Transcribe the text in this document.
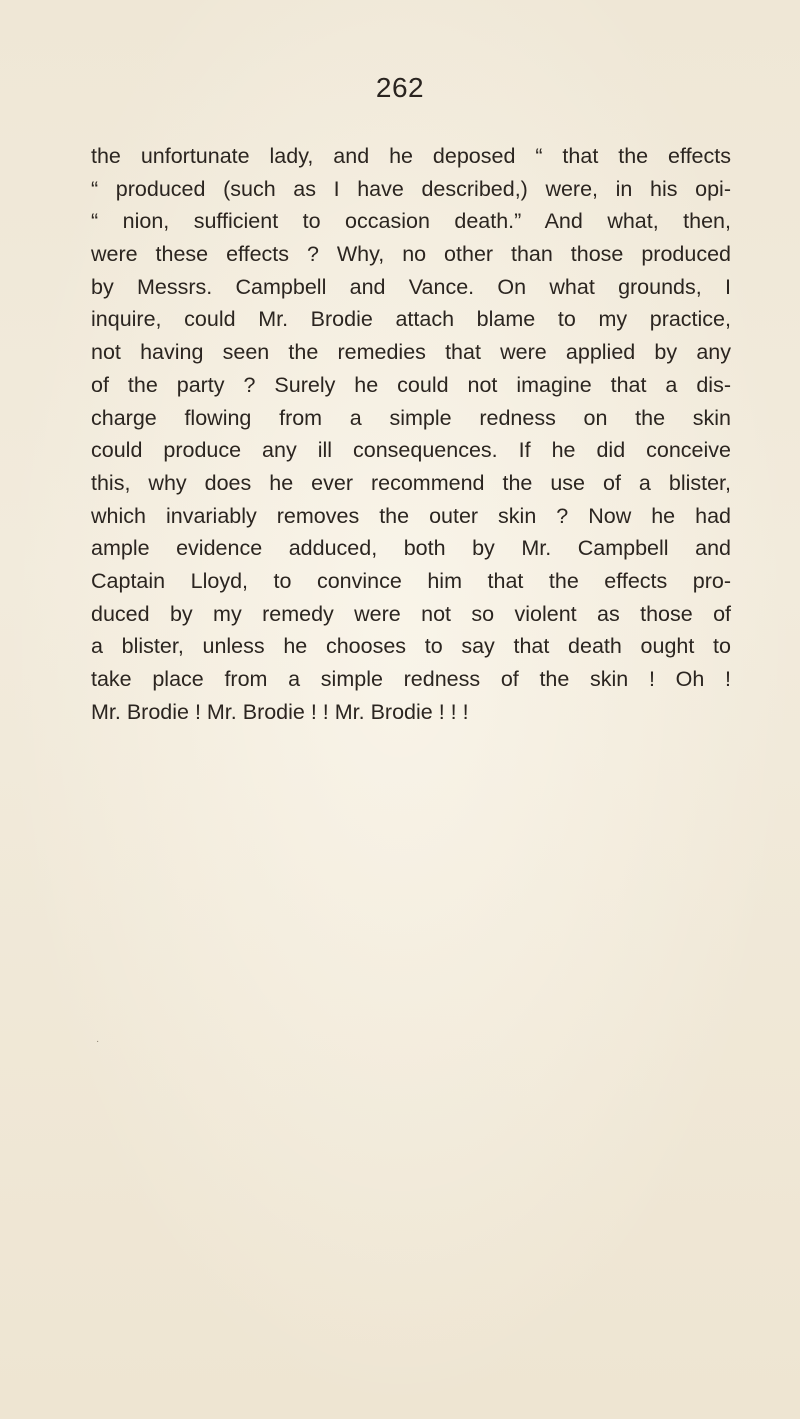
262
the unfortunate lady, and he deposed “ that the effects
“ produced (such as I have described,) were, in his opi-
“ nion, sufficient to occasion death.” And what, then,
were these effects ? Why, no other than those produced
by Messrs. Campbell and Vance. On what grounds, I
inquire, could Mr. Brodie attach blame to my practice,
not having seen the remedies that were applied by any
of the party ? Surely he could not imagine that a dis-
charge flowing from a simple redness on the skin
could produce any ill consequences. If he did conceive
this, why does he ever recommend the use of a blister,
which invariably removes the outer skin ? Now he had
ample evidence adduced, both by Mr. Campbell and
Captain Lloyd, to convince him that the effects pro-
duced by my remedy were not so violent as those of
a blister, unless he chooses to say that death ought to
take place from a simple redness of the skin ! Oh !
Mr. Brodie ! Mr. Brodie ! ! Mr. Brodie ! ! !
·
